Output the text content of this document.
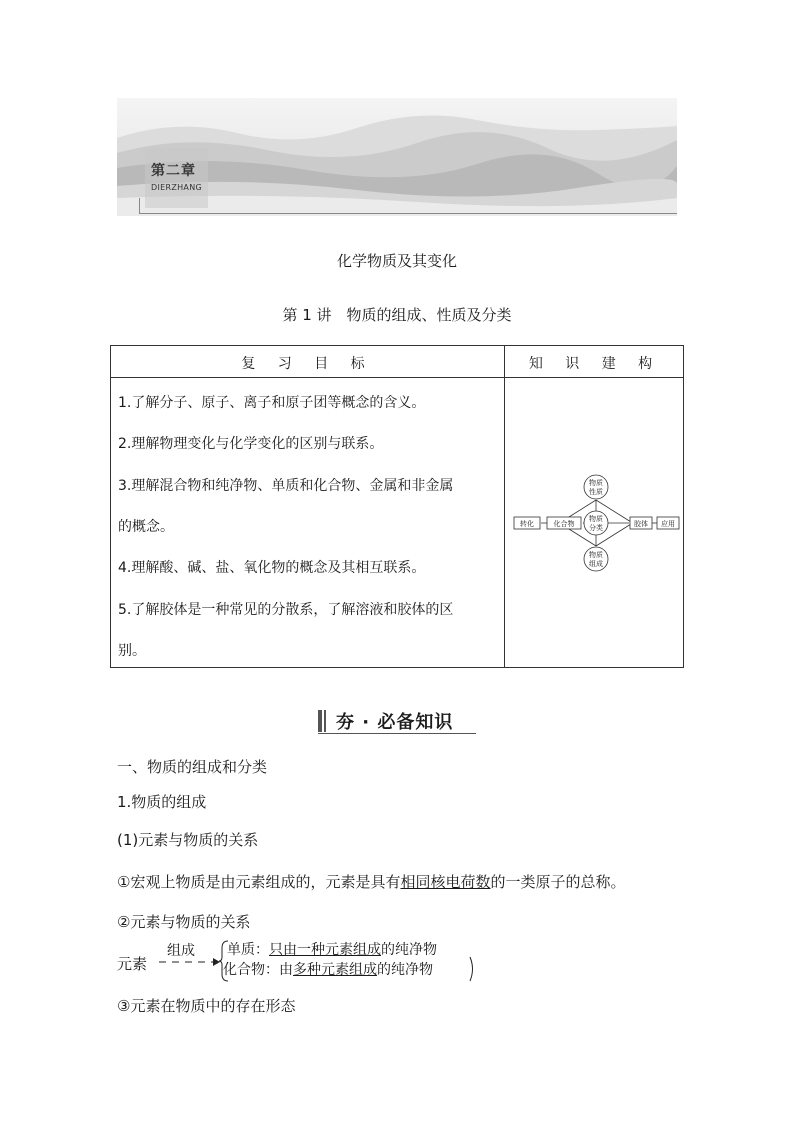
第二章
DIERZHANG
化学物质及其变化
第 1 讲　物质的组成、性质及分类
复 习 目 标	知 识 建 构
1.了解分子、原子、离子和原子团等概念的含义。
2.理解物理变化与化学变化的区别与联系。
3.理解混合物和纯净物、单质和化合物、金属和非金属
的概念。
4.理解酸、碱、盐、氧化物的概念及其相互联系。
5.了解胶体是一种常见的分散系，了解溶液和胶体的区
别。
物质
性质
物质
分类
物质
组成
转化	化合物	胶体 应用
夯 · 必备知识
一、物质的组成和分类
1.物质的组成
(1)元素与物质的关系
①宏观上物质是由元素组成的，元素是具有相同核电荷数的一类原子的总称。
②元素与物质的关系
元素
组成 单质：只由一种元素组成的纯净物
化合物：由多种元素组成的纯净物
③元素在物质中的存在形态
